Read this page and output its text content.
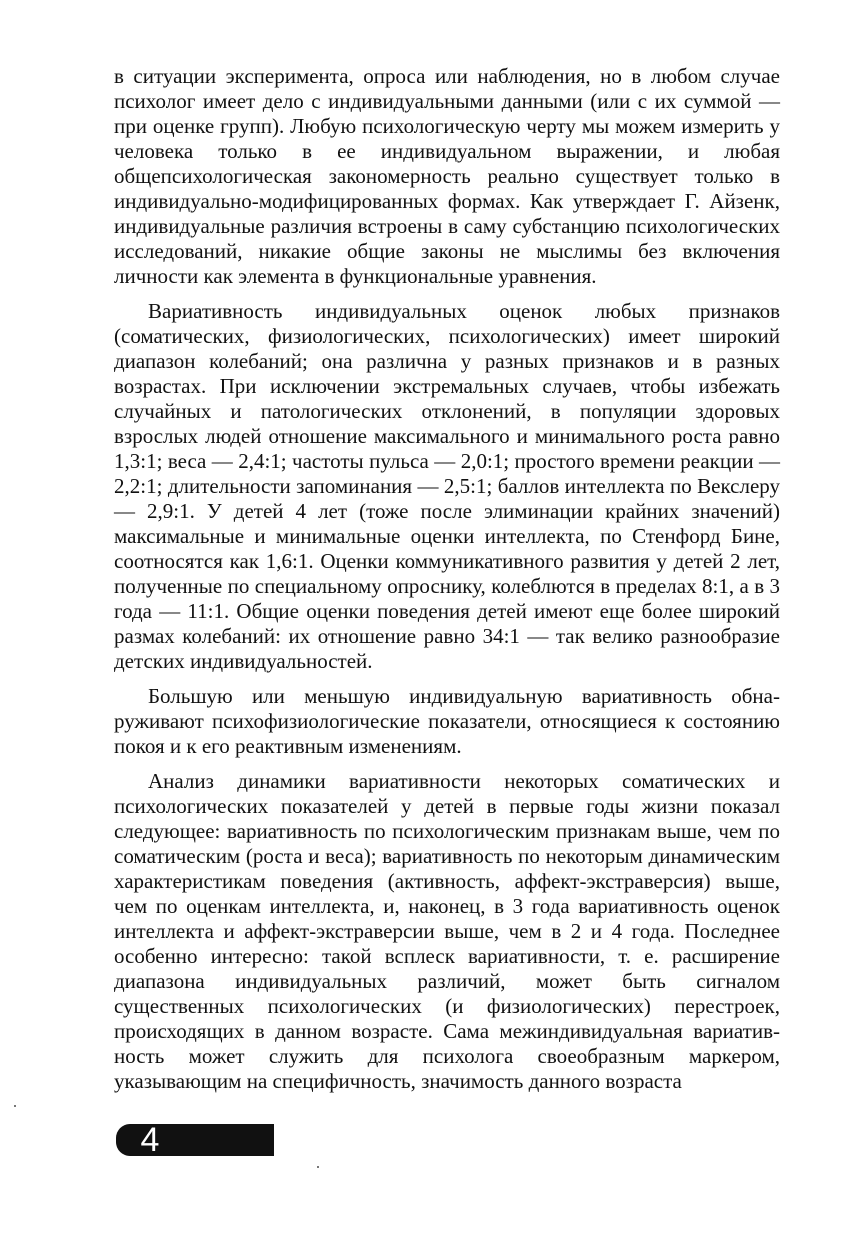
в ситуации эксперимента, опроса или наблюдения, но в любом случае психолог имеет дело с индивидуальными данными (или с их суммой — при оценке групп). Любую психологическую черту мы можем измерить у человека только в ее индивидуальном выражении, и любая общепсихологическая закономерность реально существует только в индивидуально-модифицированных формах. Как утверждает Г. Айзенк, индивидуальные различия встроены в саму субстанцию психологических исследований, никакие общие законы не мыслимы без включения личности как элемента в функциональные уравнения.

Вариативность индивидуальных оценок любых признаков (соматических, физиологических, психологических) имеет широкий диапазон колебаний; она различна у разных признаков и в разных возрастах. При исключении экстремальных случаев, чтобы избежать случайных и патологических отклонений, в популяции здоровых взрослых людей отношение максимального и минимального роста равно 1,3:1; веса — 2,4:1; частоты пульса — 2,0:1; простого времени реакции — 2,2:1; длительности запоминания — 2,5:1; баллов интеллекта по Векслеру — 2,9:1. У детей 4 лет (тоже после элиминации крайних значений) максимальные и минимальные оценки интеллекта, по Стенфорд Бине, соотносятся как 1,6:1. Оценки коммуникативного развития у детей 2 лет, полученные по специальному опроснику, колеблются в пределах 8:1, а в 3 года — 11:1. Общие оценки поведения детей имеют еще более широкий размах колебаний: их отношение равно 34:1 — так велико разнообразие детских индивидуальностей.

Большую или меньшую индивидуальную вариативность обнаруживают психофизиологические показатели, относящиеся к состоянию покоя и к его реактивным изменениям.

Анализ динамики вариативности некоторых соматических и психологических показателей у детей в первые годы жизни показал следующее: вариативность по психологическим признакам выше, чем по соматическим (роста и веса); вариативность по некоторым динамическим характеристикам поведения (активность, аффект-экстраверсия) выше, чем по оценкам интеллекта, и, наконец, в 3 года вариативность оценок интеллекта и аффект-экстраверсии выше, чем в 2 и 4 года. Последнее особенно интересно: такой всплеск вариативности, т. е. расширение диапазона индивидуальных различий, может быть сигналом существенных психологических (и физиологических) перестроек, происходящих в данном возрасте. Сама межиндивидуальная вариативность может служить для психолога своеобразным маркером, указывающим на специфичность, значимость данного возраста

4
